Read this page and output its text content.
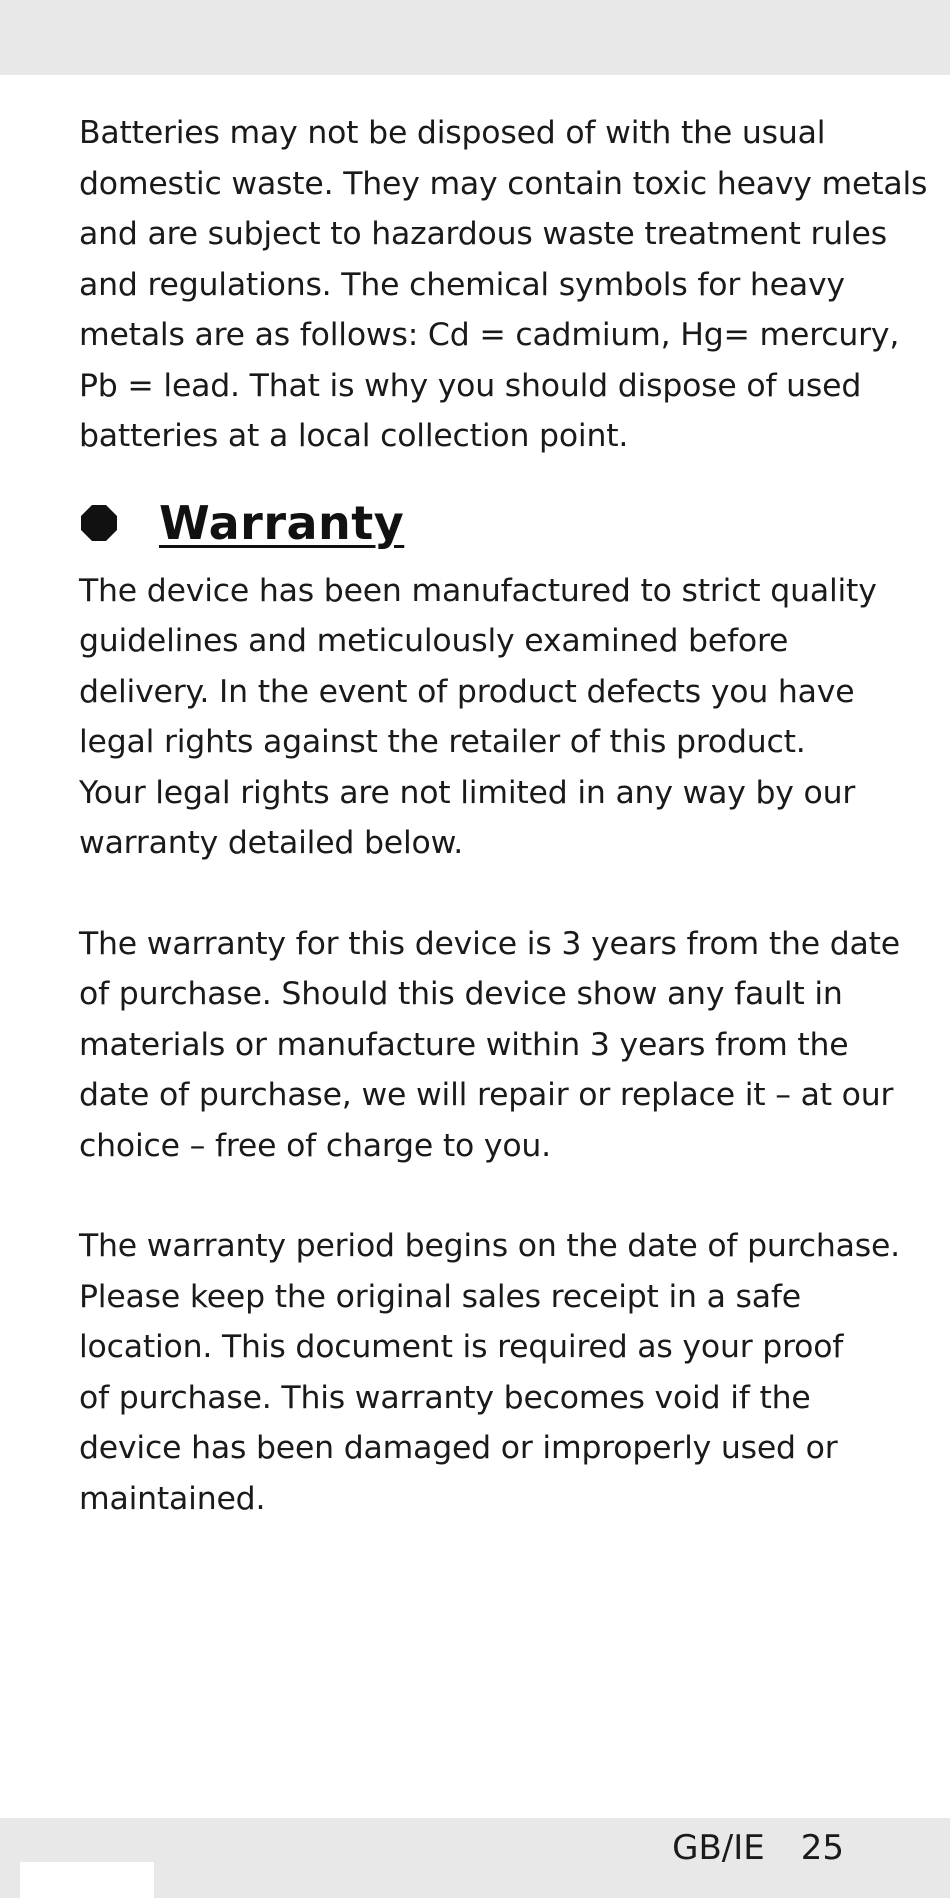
Batteries may not be disposed of with the usual
domestic waste. They may contain toxic heavy metals
and are subject to hazardous waste treatment rules
and regulations. The chemical symbols for heavy
metals are as follows: Cd = cadmium, Hg= mercury,
Pb = lead. That is why you should dispose of used
batteries at a local collection point.

Warranty

The device has been manufactured to strict quality
guidelines and meticulously examined before
delivery. In the event of product defects you have
legal rights against the retailer of this product.
Your legal rights are not limited in any way by our
warranty detailed below.

The warranty for this device is 3 years from the date
of purchase. Should this device show any fault in
materials or manufacture within 3 years from the
date of purchase, we will repair or replace it – at our
choice – free of charge to you.

The warranty period begins on the date of purchase.
Please keep the original sales receipt in a safe
location. This document is required as your proof
of purchase. This warranty becomes void if the
device has been damaged or improperly used or
maintained.

GB/IE 25
